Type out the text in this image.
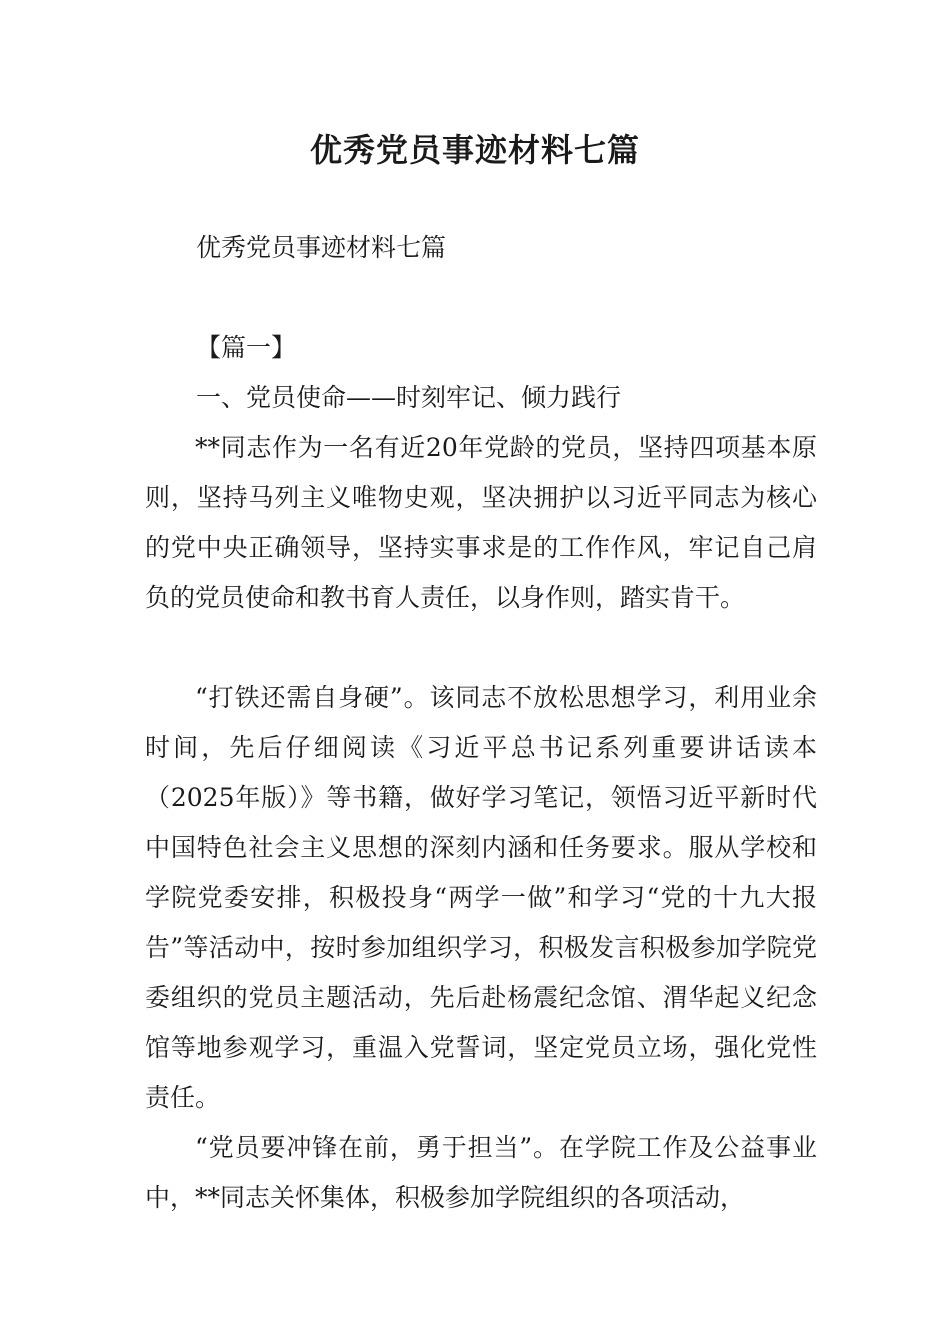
优秀党员事迹材料七篇

优秀党员事迹材料七篇

【篇一】

一、党员使命——时刻牢记、倾力践行

**同志作为一名有近20年党龄的党员，坚持四项基本原则，坚持马列主义唯物史观，坚决拥护以习近平同志为核心的党中央正确领导，坚持实事求是的工作作风，牢记自己肩负的党员使命和教书育人责任，以身作则，踏实肯干。

“打铁还需自身硬”。该同志不放松思想学习，利用业余时间，先后仔细阅读《习近平总书记系列重要讲话读本（2025年版）》等书籍，做好学习笔记，领悟习近平新时代中国特色社会主义思想的深刻内涵和任务要求。服从学校和学院党委安排，积极投身“两学一做”和学习“党的十九大报告”等活动中，按时参加组织学习，积极发言积极参加学院党委组织的党员主题活动，先后赴杨震纪念馆、渭华起义纪念馆等地参观学习，重温入党誓词，坚定党员立场，强化党性责任。

“党员要冲锋在前，勇于担当”。在学院工作及公益事业中，**同志关怀集体，积极参加学院组织的各项活动，
